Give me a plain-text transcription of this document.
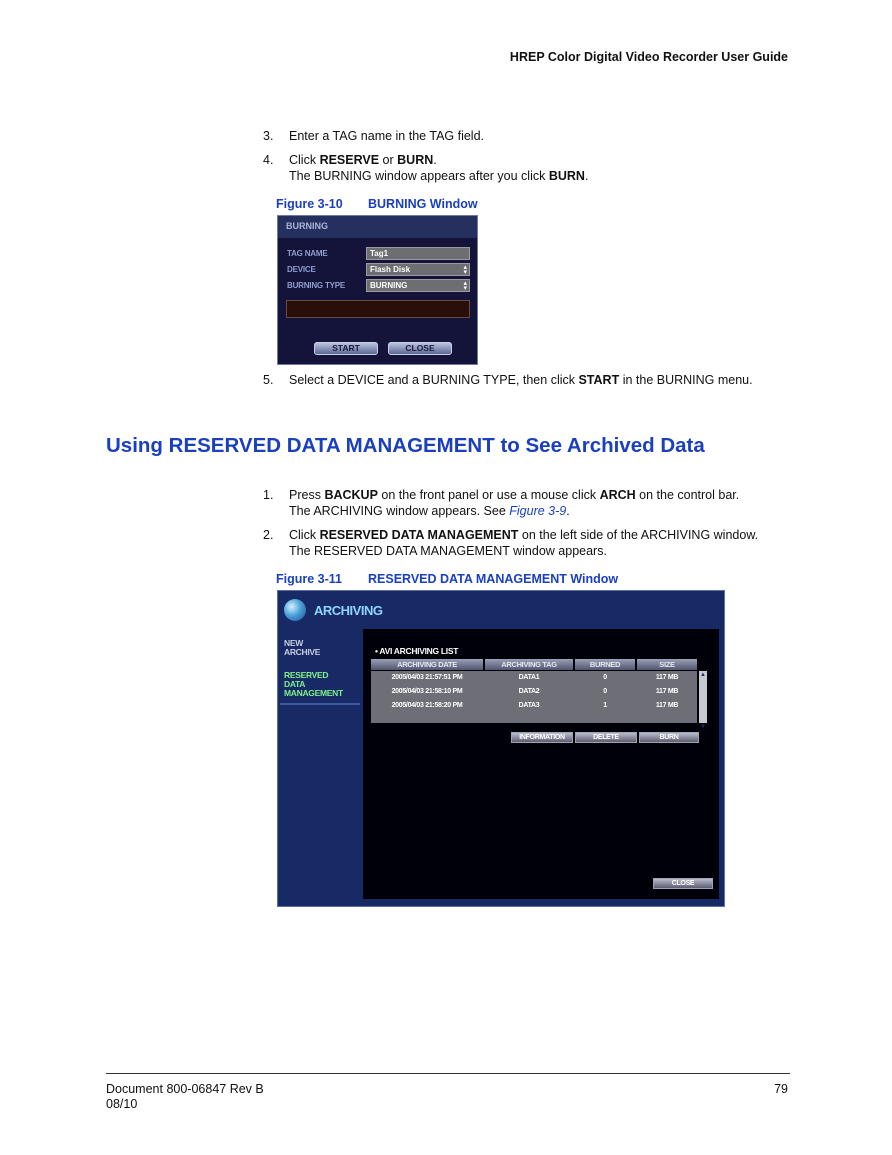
HREP Color Digital Video Recorder User Guide
3.	Enter a TAG name in the TAG field.
4.	Click RESERVE or BURN.
The BURNING window appears after you click BURN.
Figure 3-10 BURNING Window
BURNING
TAG NAME	Tag1
DEVICE	Flash Disk	▴
▾
BURNING TYPE	BURNING	▴
▾
START	CLOSE
5.	Select a DEVICE and a BURNING TYPE, then click START in the BURNING menu.
Using RESERVED DATA MANAGEMENT to See Archived Data
1.	Press BACKUP on the front panel or use a mouse click ARCH on the control bar.
The ARCHIVING window appears. See Figure 3-9.
2.	Click RESERVED DATA MANAGEMENT on the left side of the ARCHIVING window.
The RESERVED DATA MANAGEMENT window appears.
Figure 3-11 RESERVED DATA MANAGEMENT Window
ARCHIVING
NEW
ARCHIVE
RESERVED
DATA
MANAGEMENT
• AVI ARCHIVING LIST
ARCHIVING DATE	ARCHIVING TAG	BURNED	SIZE
2005/04/03 21:57:51 PM	DATA1	0	117 MB
2005/04/03 21:58:10 PM	DATA2	0	117 MB
2005/04/03 21:58:20 PM	DATA3	1	117 MB
▲
▼
INFORMATION	DELETE	BURN
CLOSE
Document 800-06847 Rev B
08/10
79
